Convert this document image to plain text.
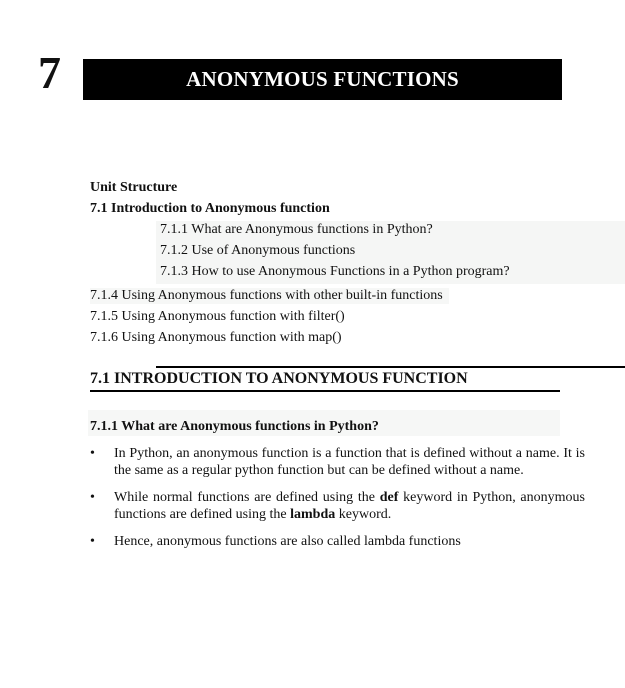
7	ANONYMOUS FUNCTIONS
Unit Structure
7.1 Introduction to Anonymous function
7.1.1 What are Anonymous functions in Python?
7.1.2 Use of Anonymous functions
7.1.3 How to use Anonymous Functions in a Python program?
7.1.4 Using Anonymous functions with other built-in functions
7.1.5 Using Anonymous function with filter()
7.1.6 Using Anonymous function with map()
7.1 INTRODUCTION TO ANONYMOUS FUNCTION
7.1.1 What are Anonymous functions in Python?
• In Python, an anonymous function is a function that is defined without a name. It is the same as a regular python function but can be defined without a name.
• While normal functions are defined using the def keyword in Python, anonymous functions are defined using the lambda keyword.
• Hence, anonymous functions are also called lambda functions
